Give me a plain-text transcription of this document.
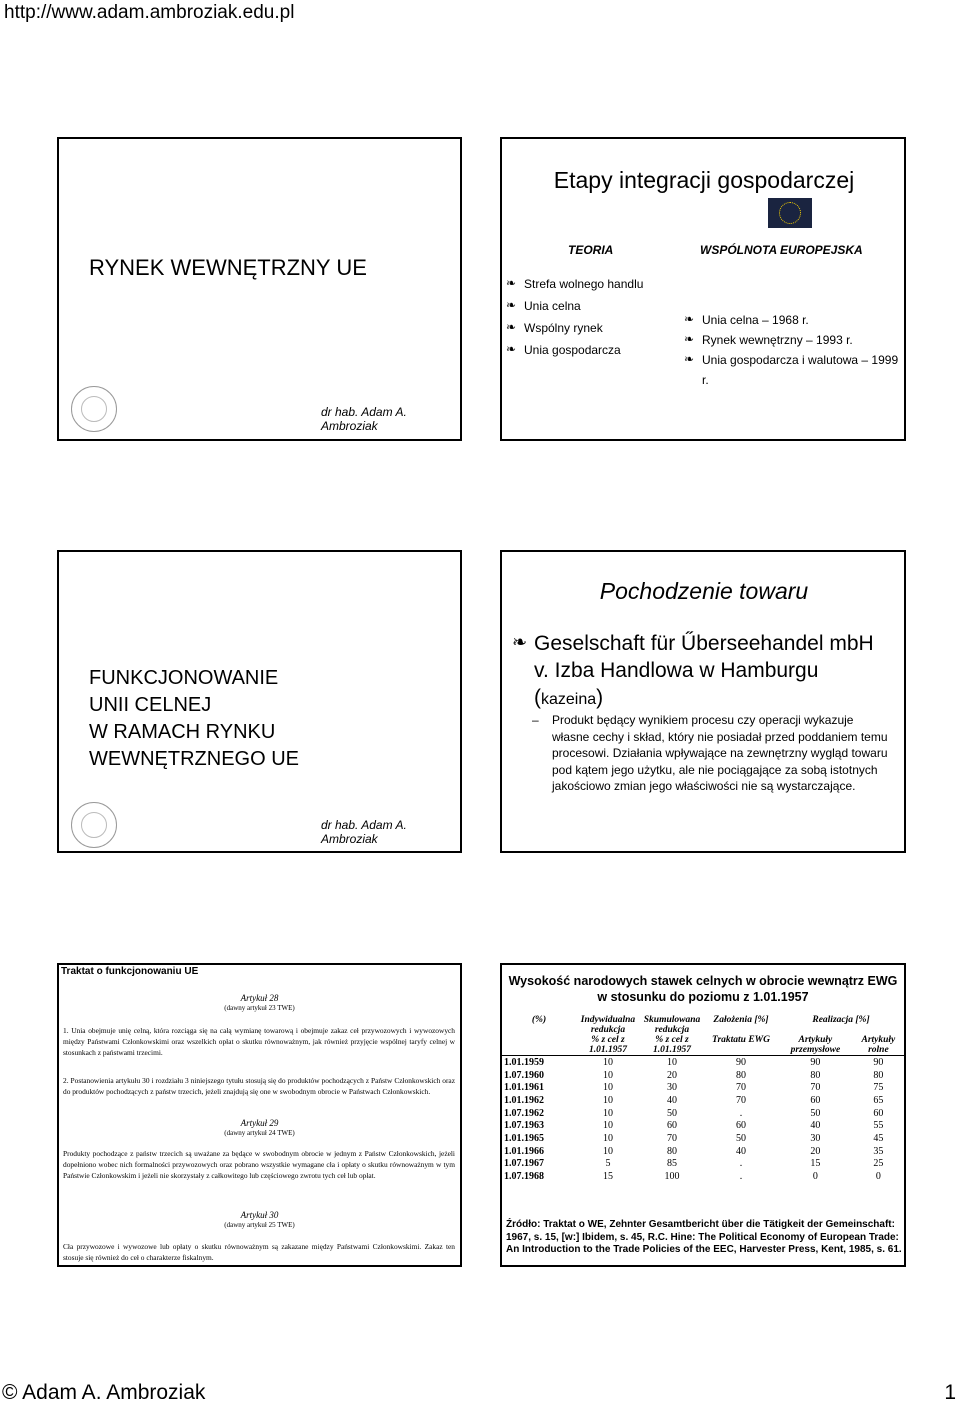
http://www.adam.ambroziak.edu.pl
RYNEK WEWNĘTRZNY UE
dr hab. Adam A. Ambroziak
Etapy integracji gospodarczej
TEORIA	WSPÓLNOTA EUROPEJSKA
❧ Strefa wolnego handlu
❧ Unia celna
❧ Wspólny rynek
❧ Unia gospodarcza
❧ Unia celna – 1968 r.
❧ Rynek wewnętrzny – 1993 r.
❧ Unia gospodarcza i walutowa – 1999 r.
FUNKCJONOWANIE
UNII CELNEJ
W RAMACH RYNKU
WEWNĘTRZNEGO UE
dr hab. Adam A. Ambroziak
Pochodzenie towaru
❧ Geselschaft für Űberseehandel mbH v. Izba Handlowa w Hamburgu (kazeina)
– Produkt będący wynikiem procesu czy operacji wykazuje własne cechy i skład, który nie posiadał przed poddaniem temu procesowi. Działania wpływające na zewnętrzny wygląd towaru pod kątem jego użytku, ale nie pociągające za sobą istotnych jakościowo zmian jego właściwości nie są wystarczające.
Traktat o funkcjonowaniu UE
Artykuł 28
(dawny artykuł 23 TWE)
1. Unia obejmuje unię celną, która rozciąga się na całą wymianę towarową i obejmuje zakaz ceł przywozowych i wywozowych między Państwami Członkowskimi oraz wszelkich opłat o skutku równoważnym, jak również przyjęcie wspólnej taryfy celnej w stosunkach z państwami trzecimi.
2. Postanowienia artykułu 30 i rozdziału 3 niniejszego tytułu stosują się do produktów pochodzących z Państw Członkowskich oraz do produktów pochodzących z państw trzecich, jeżeli znajdują się one w swobodnym obrocie w Państwach Członkowskich.
Artykuł 29
(dawny artykuł 24 TWE)
Produkty pochodzące z państw trzecich są uważane za będące w swobodnym obrocie w jednym z Państw Członkowskich, jeżeli dopełniono wobec nich formalności przywozowych oraz pobrano wszystkie wymagane cła i opłaty o skutku równoważnym w tym Państwie Członkowskim i jeżeli nie skorzystały z całkowitego lub częściowego zwrotu tych ceł lub opłat.
Artykuł 30
(dawny artykuł 25 TWE)
Cła przywozowe i wywozowe lub opłaty o skutku równoważnym są zakazane między Państwami Członkowskimi. Zakaz ten stosuje się również do ceł o charakterze fiskalnym.
Wysokość narodowych stawek celnych w obrocie wewnątrz EWG
w stosunku do poziomu z 1.01.1957
(%)	Indywidualna redukcja	Skumulowana redukcja	Założenia [%]	Realizacja [%]	
	% z cel z 1.01.1957	% z cel z 1.01.1957	Traktatu EWG	Artykuły przemysłowe	Artykuły rolne
1.01.1959	10	10	90	90	90
1.07.1960	10	20	80	80	80
1.01.1961	10	30	70	70	75
1.01.1962	10	40	70	60	65
1.07.1962	10	50	.	50	60
1.07.1963	10	60	60	40	55
1.01.1965	10	70	50	30	45
1.01.1966	10	80	40	20	35
1.07.1967	5	85	.	15	25
1.07.1968	15	100	.	0	0
Źródło: Traktat o WE, Zehnter Gesamtbericht über die Tätigkeit der Gemeinschaft: 1967, s. 15, [w:] Ibidem, s. 45, R.C. Hine: The Political Economy of European Trade: An Introduction to the Trade Policies of the EEC, Harvester Press, Kent, 1985, s. 61.
© Adam A. Ambroziak	1
